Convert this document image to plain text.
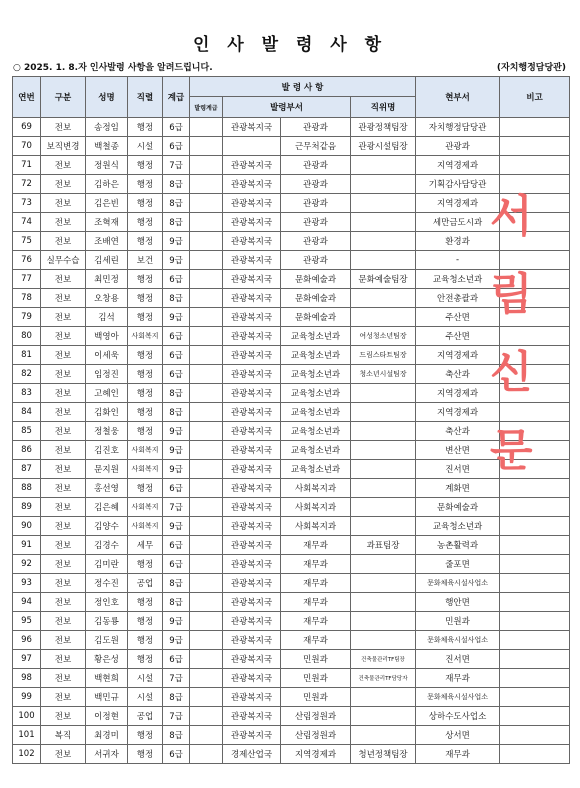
인 사 발 령 사 항
○ 2025. 1. 8.자 인사발령 사항을 알려드립니다.	(자치행정담당관)
연번	구분	성명	직렬	계급	발 령 사 항				현부서	비고
					발령계급	발령부서		직위명		
69	전보	송정임	행정	6급		관광복지국	관광과	관광정책팀장	자치행정담당관	
70	보직변경	백철종	시설	6급			근무처같음	관광시설팀장	관광과	
71	전보	정원식	행정	7급		관광복지국	관광과		지역경제과	
72	전보	김하은	행정	8급		관광복지국	관광과		기획감사담당관	
73	전보	김은빈	행정	8급		관광복지국	관광과		지역경제과	
74	전보	조혁재	행정	8급		관광복지국	관광과		세만금도시과	
75	전보	조배연	행정	9급		관광복지국	관광과		환경과	
76	실무수습	김세린	보건	9급		관광복지국	관광과		-	
77	전보	최민정	행정	6급		관광복지국	문화예술과	문화예술팀장	교육청소년과	
78	전보	오창용	행정	8급		관광복지국	문화예술과		안전총괄과	
79	전보	김석	행정	9급		관광복지국	문화예술과		주산면	
80	전보	백영아	사회복지	6급		관광복지국	교육청소년과	여성청소년팀장	주산면	
81	전보	이세욱	행정	6급		관광복지국	교육청소년과	드림스타트팀장	지역경제과	
82	전보	임정진	행정	6급		관광복지국	교육청소년과	청소년시설팀장	축산과	
83	전보	고혜인	행정	8급		관광복지국	교육청소년과		지역경제과	
84	전보	김화인	행정	8급		관광복지국	교육청소년과		지역경제과	
85	전보	정철웅	행정	9급		관광복지국	교육청소년과		축산과	
86	전보	김진호	사회복지	9급		관광복지국	교육청소년과		변산면	
87	전보	문지원	사회복지	9급		관광복지국	교육청소년과		진서면	
88	전보	홍선영	행정	6급		관광복지국	사회복지과		계화면	
89	전보	김은혜	사회복지	7급		관광복지국	사회복지과		문화예술과	
90	전보	김양수	사회복지	9급		관광복지국	사회복지과		교육청소년과	
91	전보	김경수	세무	6급		관광복지국	재무과	과표팀장	농촌활력과	
92	전보	김미란	행정	6급		관광복지국	재무과		줄포면	
93	전보	정수진	공업	8급		관광복지국	재무과		문화체육시설사업소	
94	전보	정인호	행정	8급		관광복지국	재무과		행안면	
95	전보	김동룡	행정	9급		관광복지국	재무과		민원과	
96	전보	김도원	행정	9급		관광복지국	재무과		문화체육시설사업소	
97	전보	황은성	행정	6급		관광복지국	민원과	건축물관리TF팀장	진서면	
98	전보	백현희	시설	7급		관광복지국	민원과	건축물관리TF담당자	재무과	
99	전보	백민규	시설	8급		관광복지국	민원과		문화체육시설사업소	
100	전보	이정현	공업	7급		관광복지국	산림정원과		상하수도사업소	
101	복직	최경미	행정	8급		관광복지국	산림정원과		상서면	
102	전보	서귀자	행정	6급		경제산업국	지역경제과	청년정책팀장	재무과	
서
림
신
문
